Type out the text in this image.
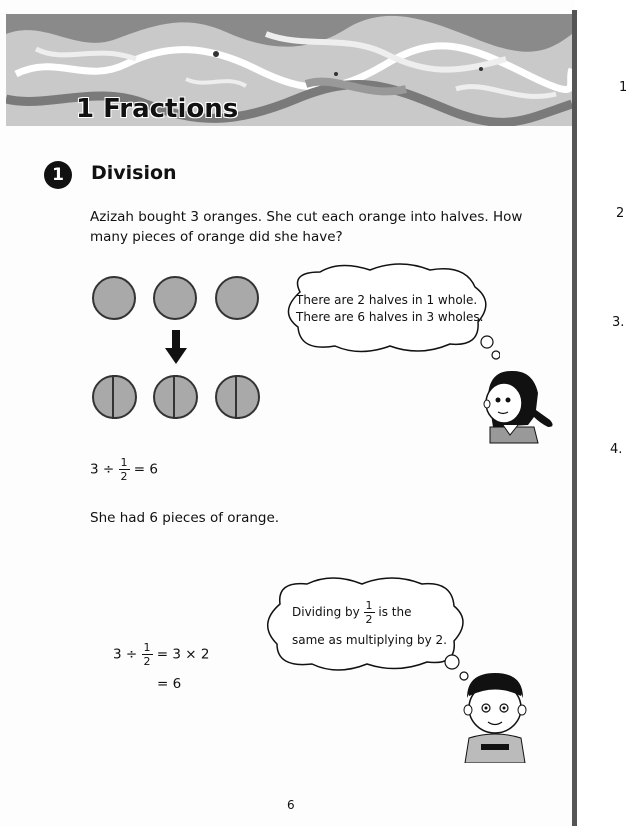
1 Fractions
1	Division
Azizah bought 3 oranges. She cut each orange into halves. How many pieces of orange did she have?
There are 2 halves in 1 whole.
There are 6 halves in 3 wholes.
$3 \div \frac{1}{2} = 6$
She had 6 pieces of orange.
Dividing by $\frac{1}{2}$ is the
same as multiplying by 2.
$3 \div \frac{1}{2} = 3 \times 2$
= 6
6
1
2
3.
4.
